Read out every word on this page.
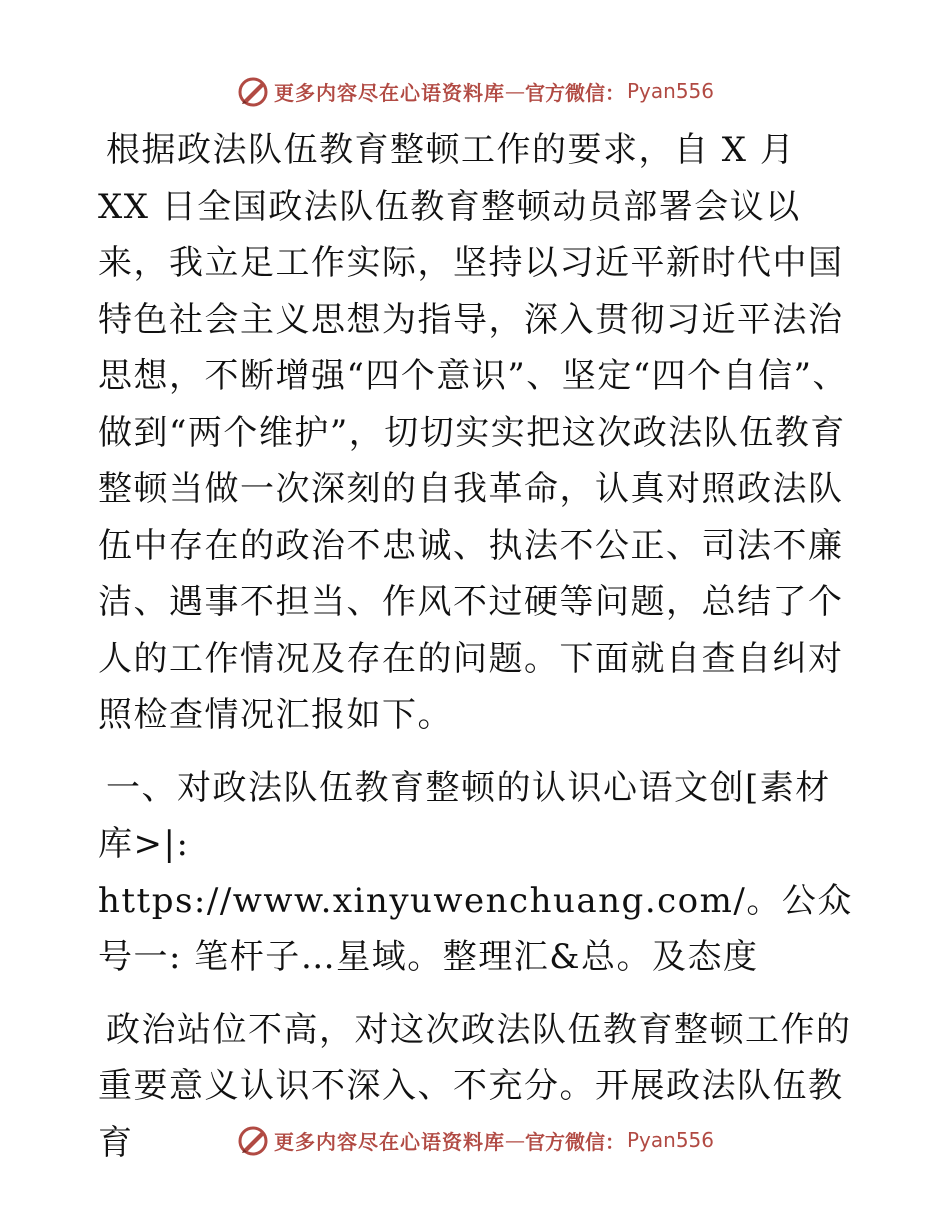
更多内容尽在心语资料库 — 官方微信： Pyan556

根据政法队伍教育整顿工作的要求，自 X 月 XX 日全国政法队伍教育整顿动员部署会议以来，我立足工作实际，坚持以习近平新时代中国特色社会主义思想为指导，深入贯彻习近平法治思想，不断增强“四个意识”、坚定“四个自信”、做到“两个维护”，切切实实把这次政法队伍教育整顿当做一次深刻的自我革命，认真对照政法队伍中存在的政治不忠诚、执法不公正、司法不廉洁、遇事不担当、作风不过硬等问题，总结了个人的工作情况及存在的问题。下面就自查自纠对照检查情况汇报如下。

一、对政法队伍教育整顿的认识心语文创[素材库>|: https://www.xinyuwenchuang.com/。公众号一: 笔杆子…星域。整理汇&总。及态度

政治站位不高，对这次政法队伍教育整顿工作的重要意义认识不深入、不充分。开展政法队伍教育	更多内容尽在心语资料库 — 官方微信： Pyan556
